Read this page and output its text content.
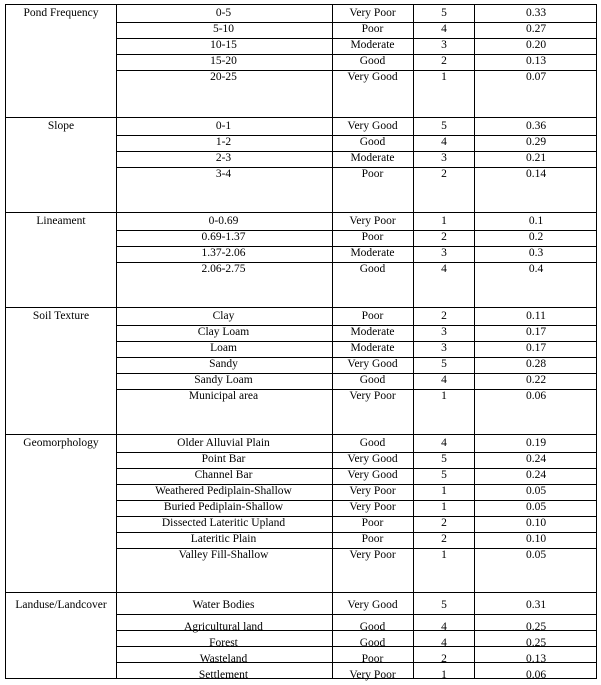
Pond Frequency	0-5	Very Poor	5	0.33
5-10	Poor	4	0.27
10-15	Moderate	3	0.20
15-20	Good	2	0.13
20-25	Very Good	1	0.07
Slope	0-1	Very Good	5	0.36
1-2	Good	4	0.29
2-3	Moderate	3	0.21
3-4	Poor	2	0.14
Lineament	0-0.69	Very Poor	1	0.1
0.69-1.37	Poor	2	0.2
1.37-2.06	Moderate	3	0.3
2.06-2.75	Good	4	0.4
Soil Texture	Clay	Poor	2	0.11
Clay Loam	Moderate	3	0.17
Loam	Moderate	3	0.17
Sandy	Very Good	5	0.28
Sandy Loam	Good	4	0.22
Municipal area	Very Poor	1	0.06
Geomorphology	Older Alluvial Plain	Good	4	0.19
Point Bar	Very Good	5	0.24
Channel Bar	Very Good	5	0.24
Weathered Pediplain-Shallow	Very Poor	1	0.05
Buried Pediplain-Shallow	Very Poor	1	0.05
Dissected Lateritic Upland	Poor	2	0.10
Lateritic Plain	Poor	2	0.10
Valley Fill-Shallow	Very Poor	1	0.05
Landuse/Landcover	Water Bodies	Very Good	5	0.31
Agricultural land	Good	4	0.25
Forest	Good	4	0.25
Wasteland	Poor	2	0.13
Settlement	Very Poor	1	0.06
